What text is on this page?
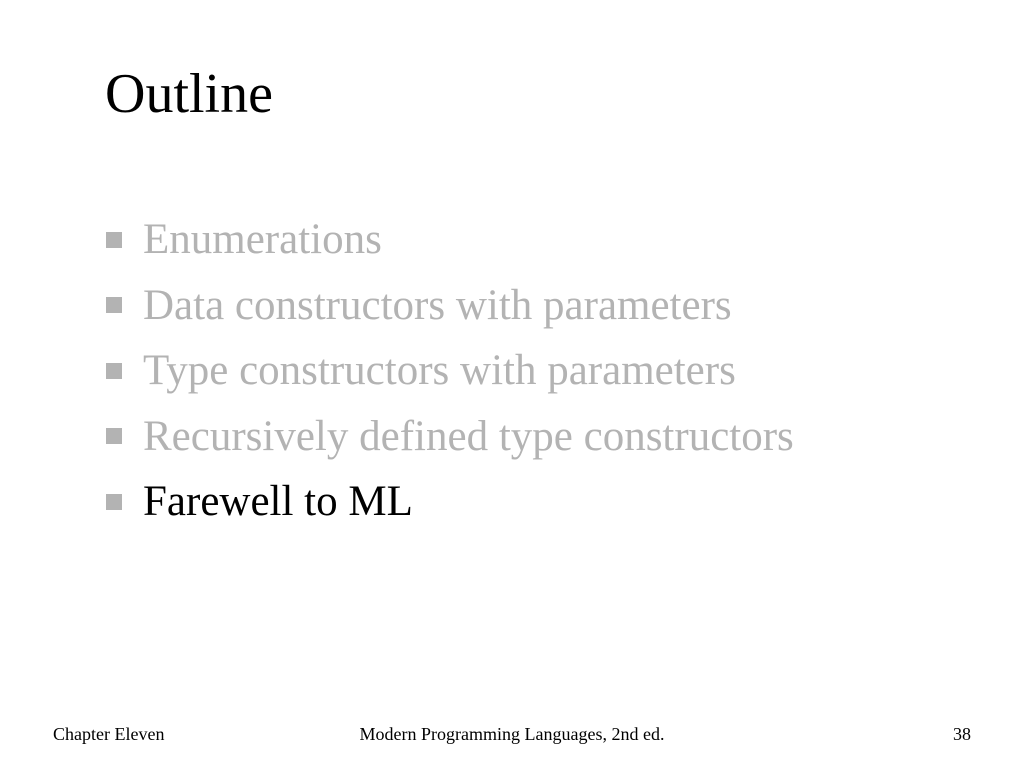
Outline
Enumerations
Data constructors with parameters
Type constructors with parameters
Recursively defined type constructors
Farewell to ML
Chapter Eleven	Modern Programming Languages, 2nd ed.	38
